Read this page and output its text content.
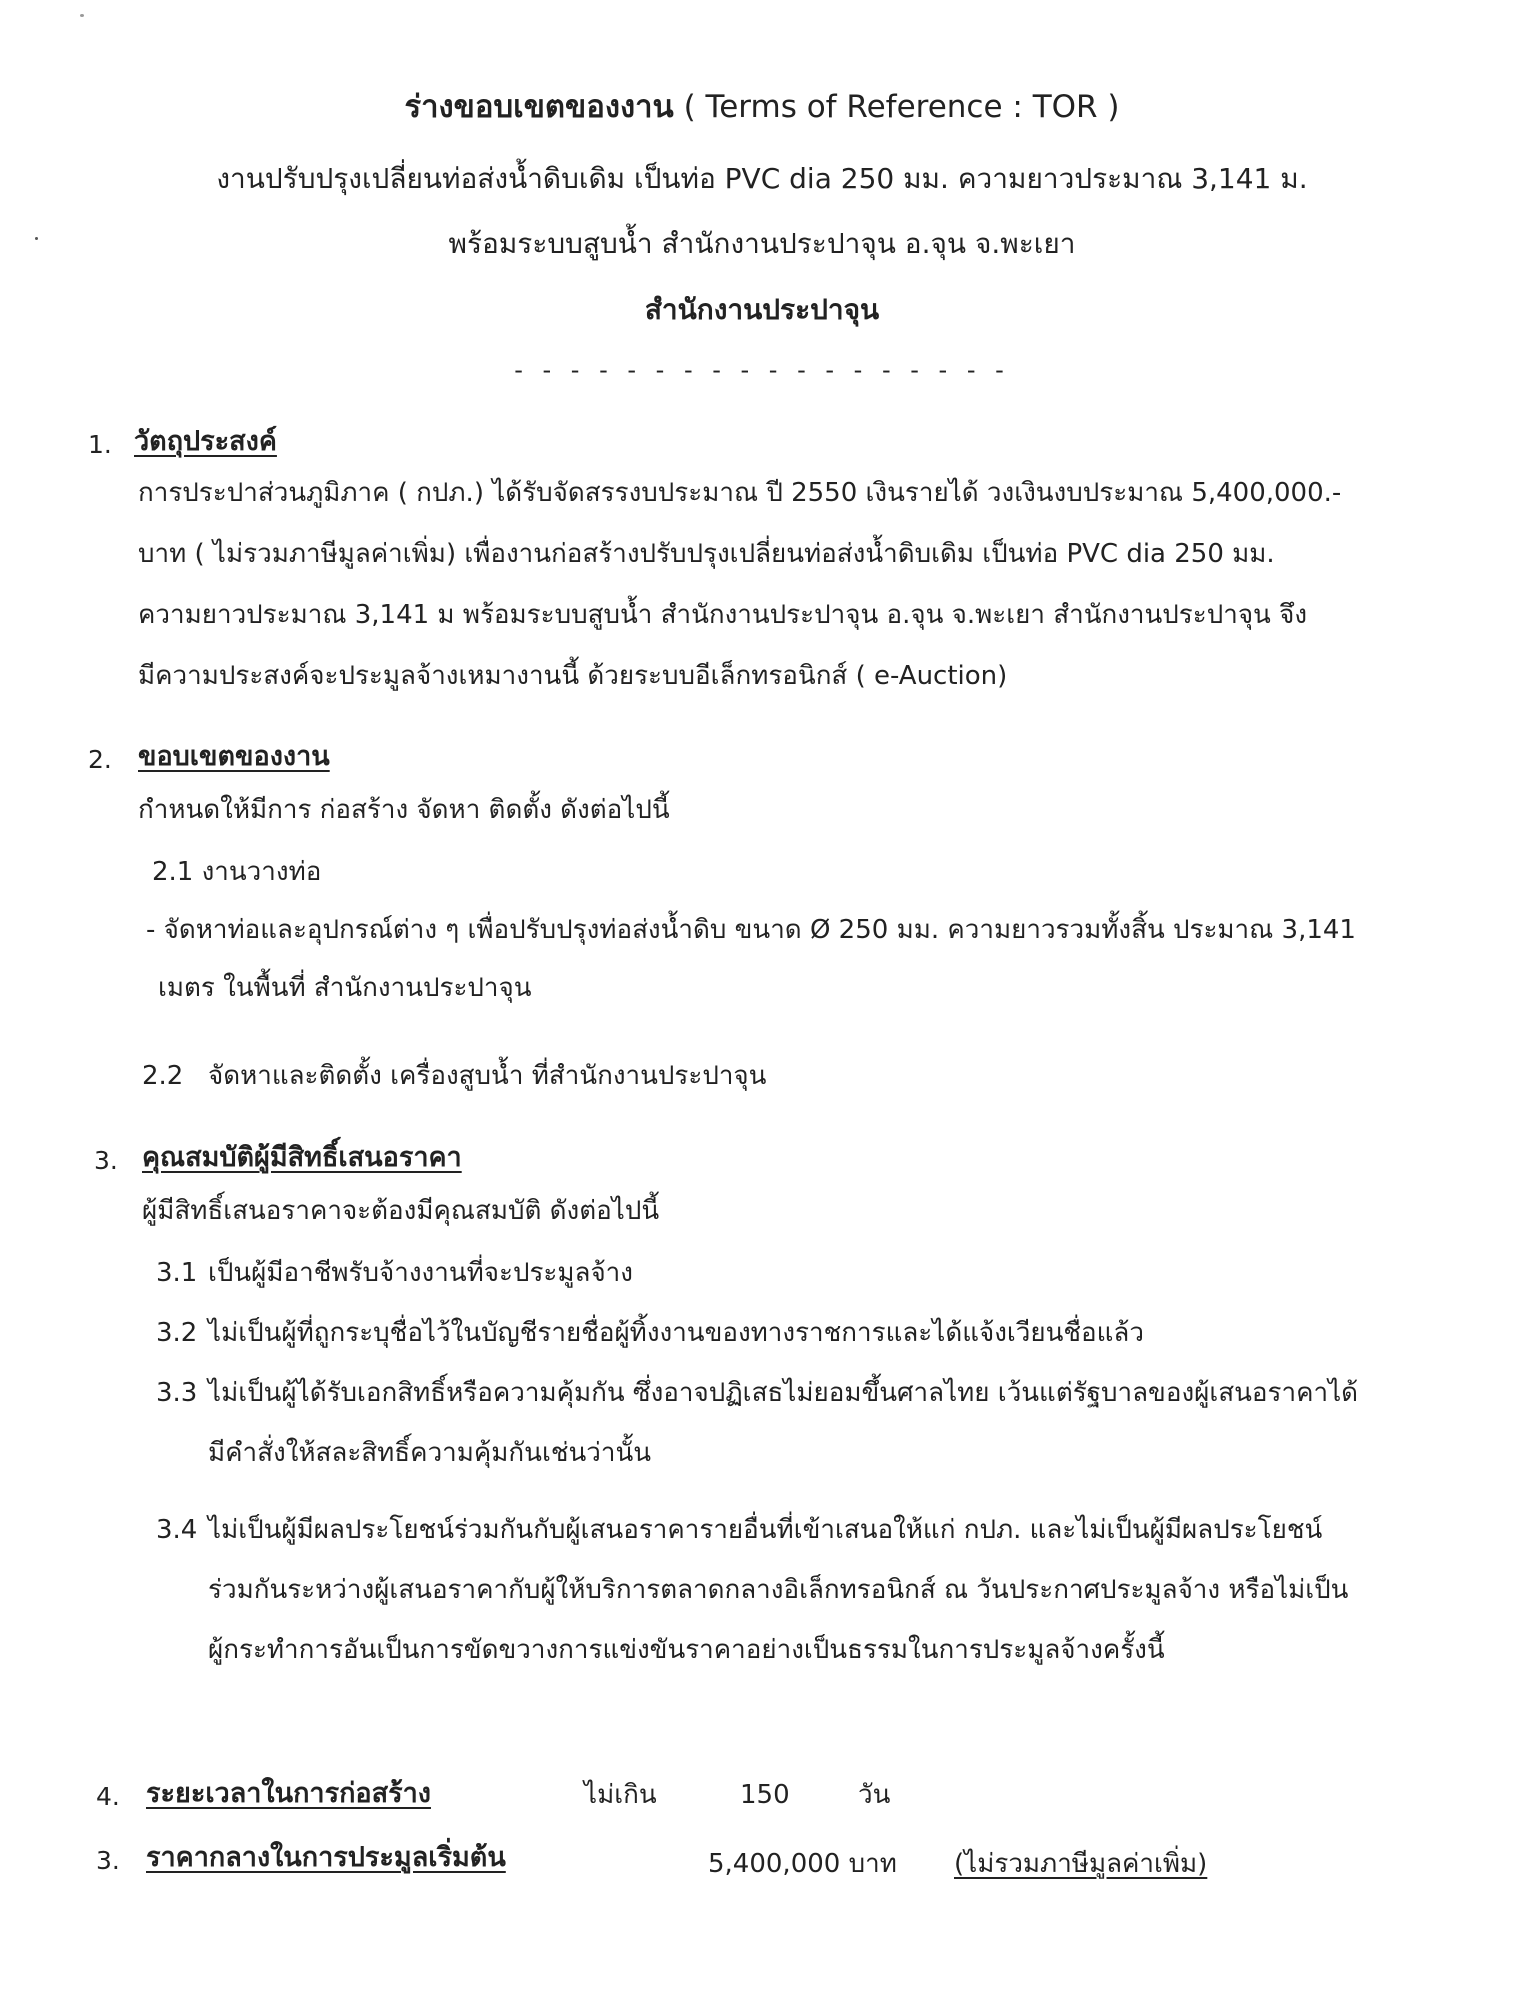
ร่างขอบเขตของงาน ( Terms of Reference : TOR )
งานปรับปรุงเปลี่ยนท่อส่งน้ำดิบเดิม เป็นท่อ PVC dia 250 มม. ความยาวประมาณ 3,141 ม.
พร้อมระบบสูบน้ำ สำนักงานประปาจุน อ.จุน จ.พะเยา
สำนักงานประปาจุน
- - - - - - - - - - - - - - - - - -
1. วัตถุประสงค์
การประปาส่วนภูมิภาค ( กปภ.) ได้รับจัดสรรงบประมาณ ปี 2550 เงินรายได้ วงเงินงบประมาณ 5,400,000.-
บาท ( ไม่รวมภาษีมูลค่าเพิ่ม) เพื่องานก่อสร้างปรับปรุงเปลี่ยนท่อส่งน้ำดิบเดิม เป็นท่อ PVC dia 250 มม.
ความยาวประมาณ 3,141 ม พร้อมระบบสูบน้ำ สำนักงานประปาจุน อ.จุน จ.พะเยา สำนักงานประปาจุน จึง
มีความประสงค์จะประมูลจ้างเหมางานนี้ ด้วยระบบอีเล็กทรอนิกส์ ( e-Auction)
2. ขอบเขตของงาน
กำหนดให้มีการ ก่อสร้าง จัดหา ติดตั้ง ดังต่อไปนี้
2.1 งานวางท่อ
- จัดหาท่อและอุปกรณ์ต่าง ๆ เพื่อปรับปรุงท่อส่งน้ำดิบ ขนาด Ø 250 มม. ความยาวรวมทั้งสิ้น ประมาณ 3,141
เมตร ในพื้นที่ สำนักงานประปาจุน
2.2 จัดหาและติดตั้ง เครื่องสูบน้ำ ที่สำนักงานประปาจุน
3. คุณสมบัติผู้มีสิทธิ์เสนอราคา
ผู้มีสิทธิ์เสนอราคาจะต้องมีคุณสมบัติ ดังต่อไปนี้
3.1 เป็นผู้มีอาชีพรับจ้างงานที่จะประมูลจ้าง
3.2 ไม่เป็นผู้ที่ถูกระบุชื่อไว้ในบัญชีรายชื่อผู้ทิ้งงานของทางราชการและได้แจ้งเวียนชื่อแล้ว
3.3 ไม่เป็นผู้ได้รับเอกสิทธิ์หรือความคุ้มกัน ซึ่งอาจปฏิเสธไม่ยอมขึ้นศาลไทย เว้นแต่รัฐบาลของผู้เสนอราคาได้
มีคำสั่งให้สละสิทธิ์ความคุ้มกันเช่นว่านั้น
3.4 ไม่เป็นผู้มีผลประโยชน์ร่วมกันกับผู้เสนอราคารายอื่นที่เข้าเสนอให้แก่ กปภ. และไม่เป็นผู้มีผลประโยชน์
ร่วมกันระหว่างผู้เสนอราคากับผู้ให้บริการตลาดกลางอิเล็กทรอนิกส์ ณ วันประกาศประมูลจ้าง หรือไม่เป็น
ผู้กระทำการอันเป็นการขัดขวางการแข่งขันราคาอย่างเป็นธรรมในการประมูลจ้างครั้งนี้
4. ระยะเวลาในการก่อสร้าง	ไม่เกิน	150	วัน
3. ราคากลางในการประมูลเริ่มต้น	5,400,000 บาท (ไม่รวมภาษีมูลค่าเพิ่ม)
